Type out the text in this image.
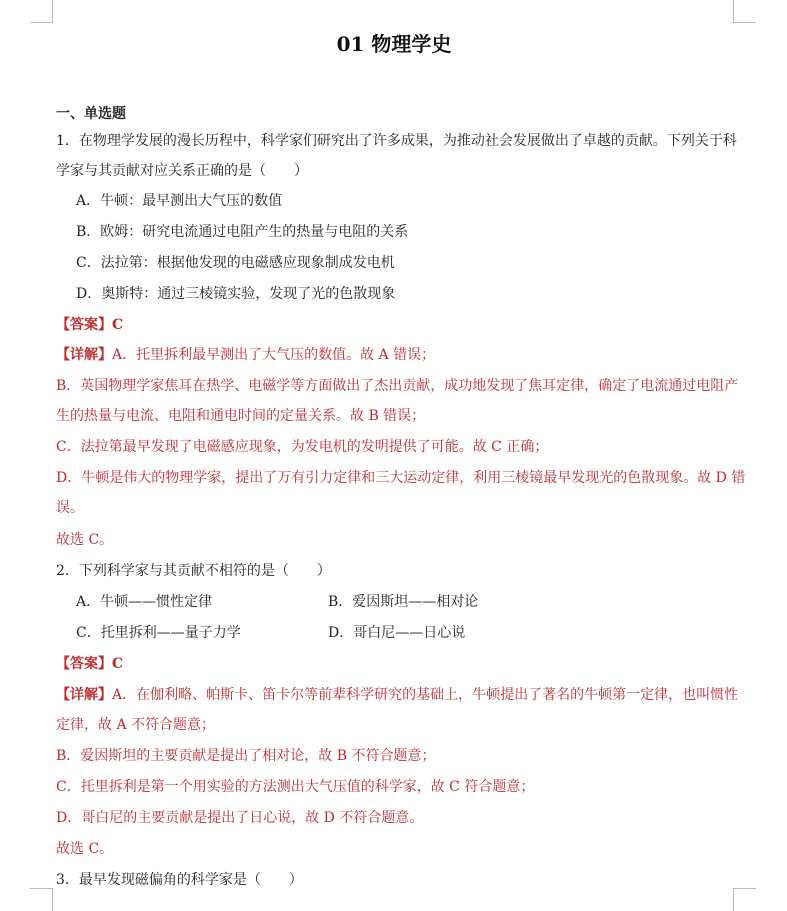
01 物理学史
一、单选题
1．在物理学发展的漫长历程中，科学家们研究出了许多成果，为推动社会发展做出了卓越的贡献。下列关于科
学家与其贡献对应关系正确的是（　　）
A．牛顿：最早测出大气压的数值
B．欧姆：研究电流通过电阻产生的热量与电阻的关系
C．法拉第：根据他发现的电磁感应现象制成发电机
D．奥斯特：通过三棱镜实验，发现了光的色散现象
【答案】C
【详解】A．托里拆利最早测出了大气压的数值。故 A 错误；
B．英国物理学家焦耳在热学、电磁学等方面做出了杰出贡献，成功地发现了焦耳定律，确定了电流通过电阻产
生的热量与电流、电阻和通电时间的定量关系。故 B 错误；
C．法拉第最早发现了电磁感应现象，为发电机的发明提供了可能。故 C 正确；
D．牛顿是伟大的物理学家，提出了万有引力定律和三大运动定律，利用三棱镜最早发现光的色散现象。故 D 错
误。
故选 C。
2．下列科学家与其贡献不相符的是（　　）
A．牛顿——惯性定律	B．爱因斯坦——相对论
C．托里拆利——量子力学	D．哥白尼——日心说
【答案】C
【详解】A．在伽利略、帕斯卡、笛卡尔等前辈科学研究的基础上，牛顿提出了著名的牛顿第一定律，也叫惯性
定律，故 A 不符合题意；
B．爱因斯坦的主要贡献是提出了相对论，故 B 不符合题意；
C．托里拆利是第一个用实验的方法测出大气压值的科学家，故 C 符合题意；
D．哥白尼的主要贡献是提出了日心说，故 D 不符合题意。
故选 C。
3．最早发现磁偏角的科学家是（　　）
